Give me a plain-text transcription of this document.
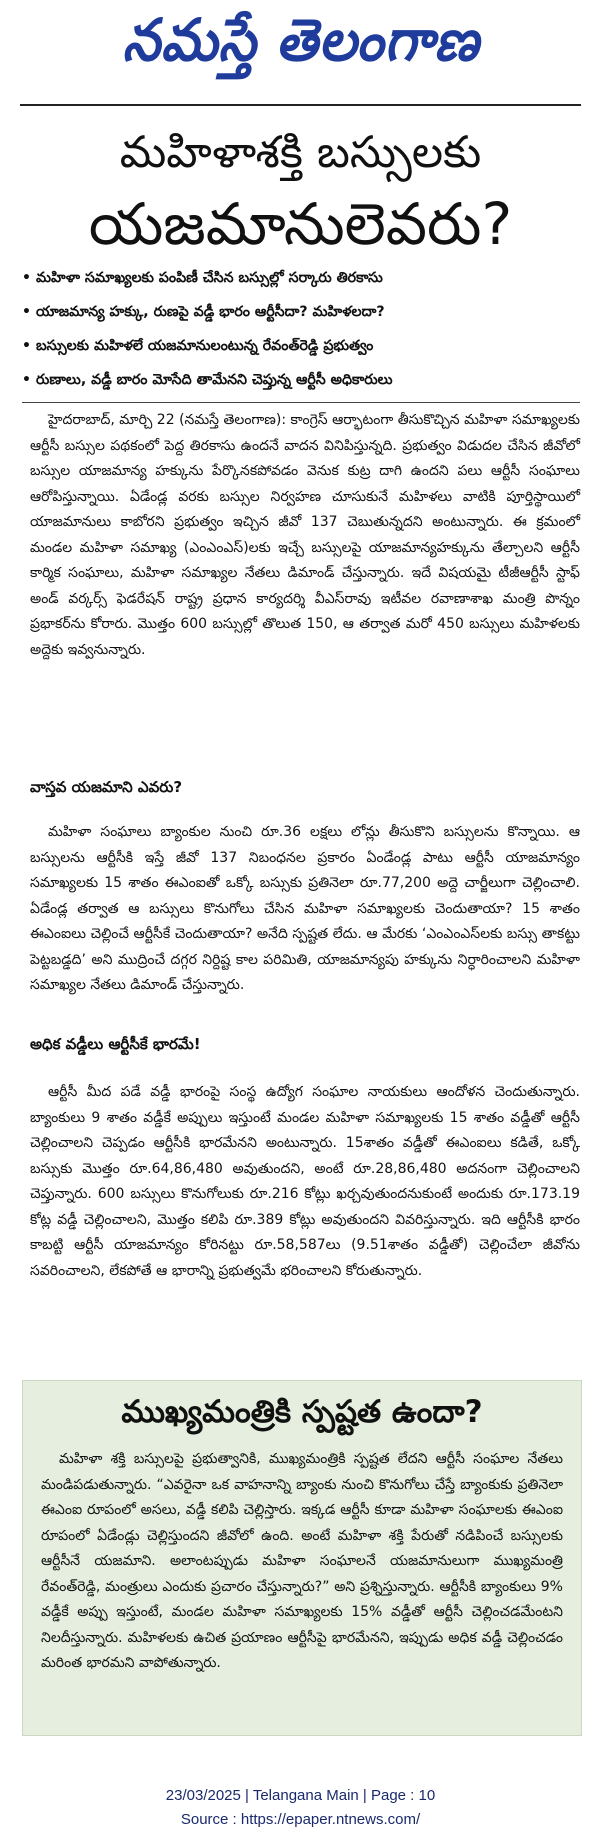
నమస్తే తెలంగాణ
మహిళాశక్తి బస్సులకు
యజమానులెవరు?
• మహిళా సమాఖ్యలకు పంపిణీ చేసిన బస్సుల్లో సర్కారు తిరకాసు
• యాజమాన్య హక్కు, రుణపై వడ్డీ భారం ఆర్టీసీదా? మహిళలదా?
• బస్సులకు మహిళలే యజమానులంటున్న రేవంత్‌రెడ్డి ప్రభుత్వం
• రుణాలు, వడ్డీ బారం మోసేది తామేనని చెప్తున్న ఆర్టీసీ అధికారులు

హైదరాబాద్, మార్చి 22 (నమస్తే తెలంగాణ): కాంగ్రెస్ ఆర్భాటంగా తీసుకొచ్చిన మహిళా సమాఖ్యలకు ఆర్టీసీ బస్సుల పథకంలో పెద్ద తిరకాసు ఉందనే వాదన వినిపిస్తున్నది. ప్రభుత్వం విడుదల చేసిన జీవోలో బస్సుల యాజమాన్య హక్కును పేర్కొనకపోవడం వెనుక కుట్ర దాగి ఉందని పలు ఆర్టీసీ సంఘాలు ఆరోపిస్తున్నాయి. ఏడేండ్ల వరకు బస్సుల నిర్వహణ చూసుకునే మహిళలు వాటికి పూర్తిస్థాయిలో యాజమానులు కాబోరని ప్రభుత్వం ఇచ్చిన జీవో 137 చెబుతున్నదని అంటున్నారు. ఈ క్రమంలో మండల మహిళా సమాఖ్య (ఎంఎంఎస్)లకు ఇచ్చే బస్సులపై యాజమాన్యహక్కును తేల్చాలని ఆర్టీసీ కార్మిక సంఘాలు, మహిళా సమాఖ్యల నేతలు డిమాండ్ చేస్తున్నారు. ఇదే విషయమై టీజీఆర్టీసీ స్టాఫ్ అండ్ వర్కర్స్ ఫెడరేషన్ రాష్ట్ర ప్రధాన కార్యదర్శి వీఎస్‌రావు ఇటీవల రవాణాశాఖ మంత్రి పొన్నం ప్రభాకర్‌ను కోరారు. మొత్తం 600 బస్సుల్లో తొలుత 150, ఆ తర్వాత మరో 450 బస్సులు మహిళలకు అద్దెకు ఇవ్వనున్నారు.

వాస్తవ యజమాని ఎవరు?

మహిళా సంఘాలు బ్యాంకుల నుంచి రూ.36 లక్షలు లోన్లు తీసుకొని బస్సులను కొన్నాయి. ఆ బస్సులను ఆర్టీసీకి ఇస్తే జీవో 137 నిబంధనల ప్రకారం ఏండేండ్ల పాటు ఆర్టీసీ యాజమాన్యం సమాఖ్యలకు 15 శాతం ఈఎంఐతో ఒక్కో బస్సుకు ప్రతినెలా రూ.77,200 అద్దె చార్జీలుగా చెల్లించాలి. ఏడేండ్ల తర్వాత ఆ బస్సులు కొనుగోలు చేసిన మహిళా సమాఖ్యలకు చెందుతాయా? 15 శాతం ఈఎంఐలు చెల్లించే ఆర్టీసీకే చెందుతాయా? అనేది స్పష్టత లేదు. ఆ మేరకు ‘ఎంఎంఎస్‌లకు బస్సు తాకట్టు పెట్టబడ్డది’ అని ముద్రించే దగ్గర నిర్దిష్ట కాల పరిమితి, యాజమాన్యపు హక్కును నిర్ధారించాలని మహిళా సమాఖ్యల నేతలు డిమాండ్ చేస్తున్నారు.

అధిక వడ్డీలు ఆర్టీసీకే భారమే!

ఆర్టీసీ మీద పడే వడ్డీ భారంపై సంస్థ ఉద్యోగ సంఘాల నాయకులు ఆందోళన చెందుతున్నారు. బ్యాంకులు 9 శాతం వడ్డీకే అప్పులు ఇస్తుంటే మండల మహిళా సమాఖ్యలకు 15 శాతం వడ్డీతో ఆర్టీసీ చెల్లించాలని చెప్పడం ఆర్టీసీకి భారమేనని అంటున్నారు. 15శాతం వడ్డీతో ఈఎంఐలు కడితే, ఒక్కో బస్సుకు మొత్తం రూ.64,86,480 అవుతుందని, అంటే రూ.28,86,480 అదనంగా చెల్లించాలని చెప్తున్నారు. 600 బస్సులు కొనుగోలుకు రూ.216 కోట్లు ఖర్చవుతుందనుకుంటే అందుకు రూ.173.19 కోట్ల వడ్డీ చెల్లించాలని, మొత్తం కలిపి రూ.389 కోట్లు అవుతుందని వివరిస్తున్నారు. ఇది ఆర్టీసీకి భారం కాబట్టి ఆర్టీసీ యాజమాన్యం కోరినట్టు రూ.58,587లు (9.51శాతం వడ్డీతో) చెల్లించేలా జీవోను సవరించాలని, లేకపోతే ఆ భారాన్ని ప్రభుత్వమే భరించాలని కోరుతున్నారు.

ముఖ్యమంత్రికి స్పష్టత ఉందా?

మహిళా శక్తి బస్సులపై ప్రభుత్వానికి, ముఖ్యమంత్రికి స్పష్టత లేదని ఆర్టీసీ సంఘాల నేతలు మండిపడుతున్నారు. “ఎవరైనా ఒక వాహనాన్ని బ్యాంకు నుంచి కొనుగోలు చేస్తే బ్యాంకుకు ప్రతినెలా ఈఎంఐ రూపంలో అసలు, వడ్డీ కలిపి చెల్లిస్తారు. ఇక్కడ ఆర్టీసీ కూడా మహిళా సంఘాలకు ఈఎంఐ రూపంలో ఏడేండ్లు చెల్లిస్తుందని జీవోలో ఉంది. అంటే మహిళా శక్తి పేరుతో నడిపించే బస్సులకు ఆర్టీసీనే యజమాని. అలాంటప్పుడు మహిళా సంఘాలనే యజమానులుగా ముఖ్యమంత్రి రేవంత్‌రెడ్డి, మంత్రులు ఎందుకు ప్రచారం చేస్తున్నారు?” అని ప్రశ్నిస్తున్నారు. ఆర్టీసీకి బ్యాంకులు 9% వడ్డీకే అప్పు ఇస్తుంటే, మండల మహిళా సమాఖ్యలకు 15% వడ్డీతో ఆర్టీసీ చెల్లించడమేంటని నిలదీస్తున్నారు. మహిళలకు ఉచిత ప్రయాణం ఆర్టీసీపై భారమేనని, ఇప్పుడు అధిక వడ్డీ చెల్లించడం మరింత భారమని వాపోతున్నారు.

23/03/2025 | Telangana Main | Page : 10
Source : https://epaper.ntnews.com/
